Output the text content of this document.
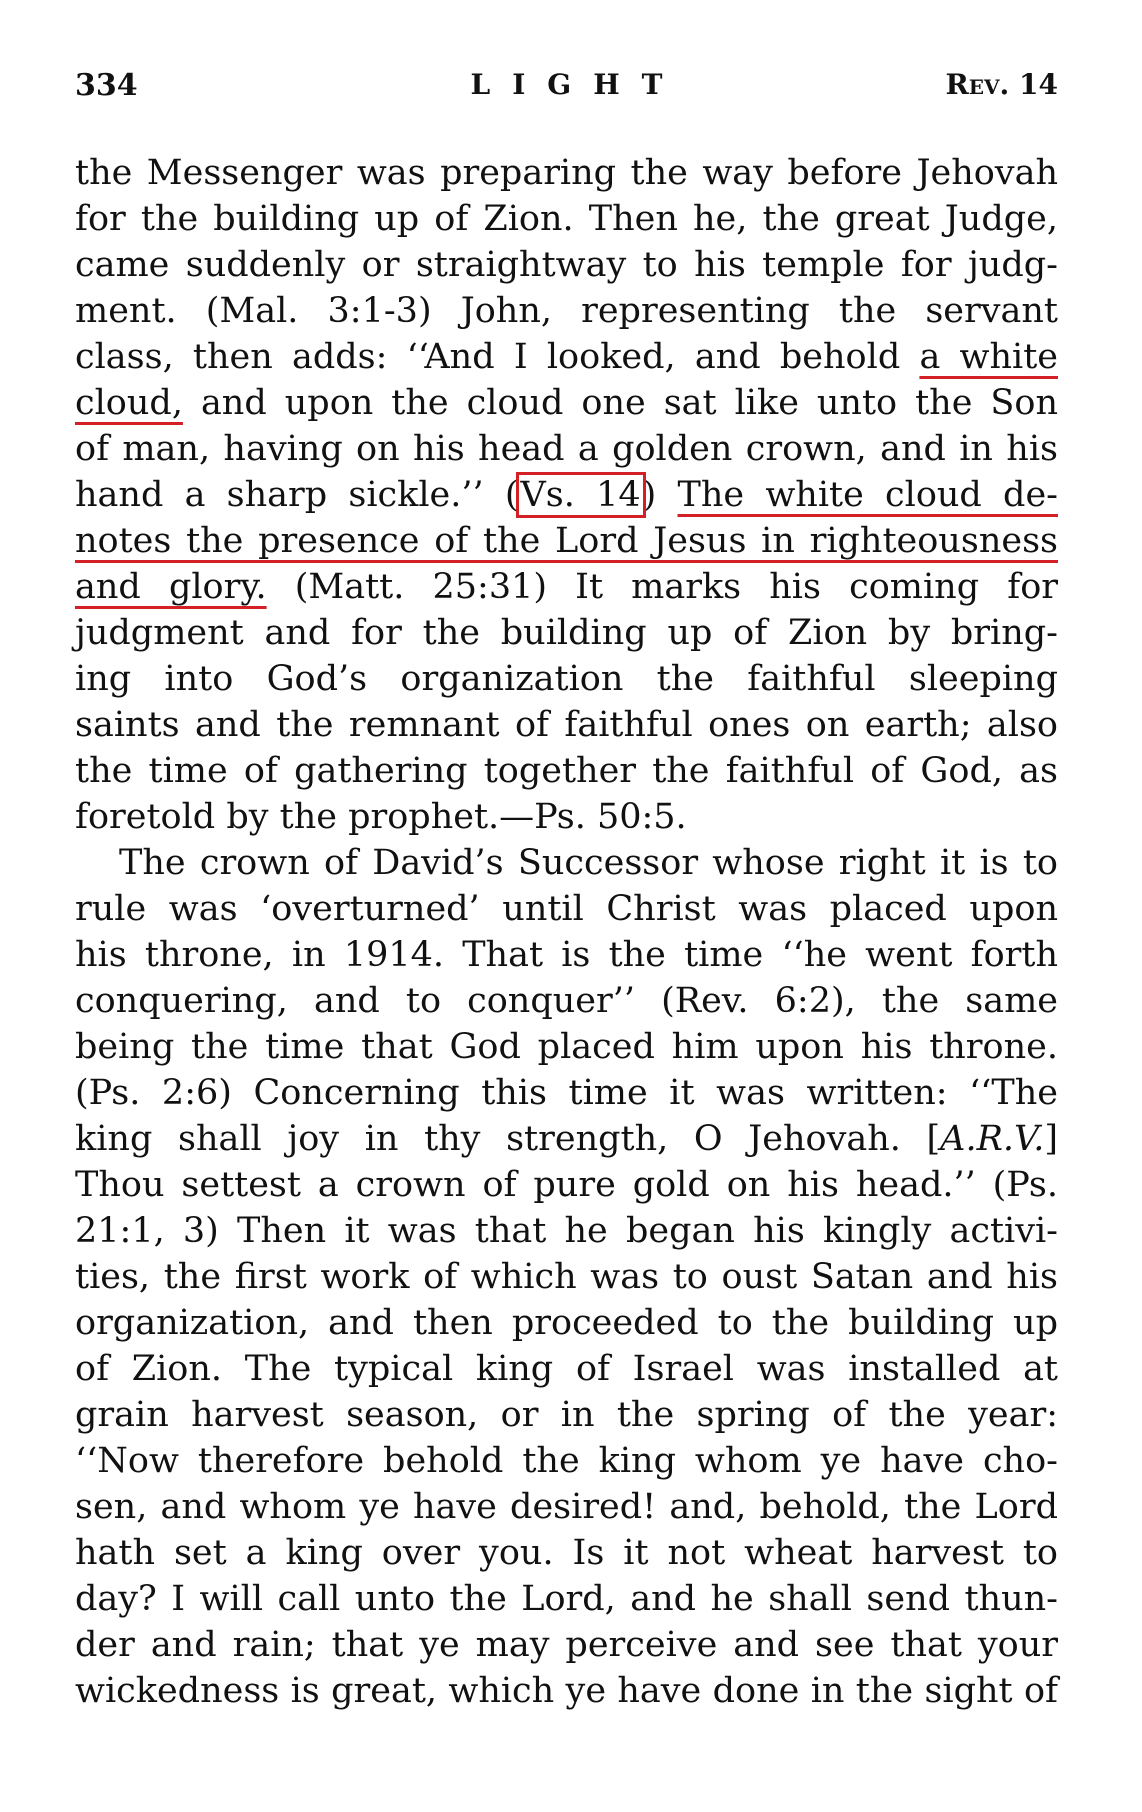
334	LIGHT	Rev. 14
the Messenger was preparing the way before Jehovah
for the building up of Zion. Then he, the great Judge,
came suddenly or straightway to his temple for judg-
ment. (Mal. 3:1-3) John, representing the servant
class, then adds: ‘‘And I looked, and behold a white
cloud, and upon the cloud one sat like unto the Son
of man, having on his head a golden crown, and in his
hand a sharp sickle.’’ (Vs. 14) The white cloud de-
notes the presence of the Lord Jesus in righteousness
and glory. (Matt. 25:31) It marks his coming for
judgment and for the building up of Zion by bring-
ing into God’s organization the faithful sleeping
saints and the remnant of faithful ones on earth; also
the time of gathering together the faithful of God, as
foretold by the prophet.—Ps. 50:5.
The crown of David’s Successor whose right it is to
rule was ‘overturned’ until Christ was placed upon
his throne, in 1914. That is the time ‘‘he went forth
conquering, and to conquer’’ (Rev. 6:2), the same
being the time that God placed him upon his throne.
(Ps. 2:6) Concerning this time it was written: ‘‘The
king shall joy in thy strength, O Jehovah. [A.R.V.]
Thou settest a crown of pure gold on his head.’’ (Ps.
21:1, 3) Then it was that he began his kingly activi-
ties, the first work of which was to oust Satan and his
organization, and then proceeded to the building up
of Zion. The typical king of Israel was installed at
grain harvest season, or in the spring of the year:
‘‘Now therefore behold the king whom ye have cho-
sen, and whom ye have desired! and, behold, the Lord
hath set a king over you. Is it not wheat harvest to
day? I will call unto the Lord, and he shall send thun-
der and rain; that ye may perceive and see that your
wickedness is great, which ye have done in the sight of
